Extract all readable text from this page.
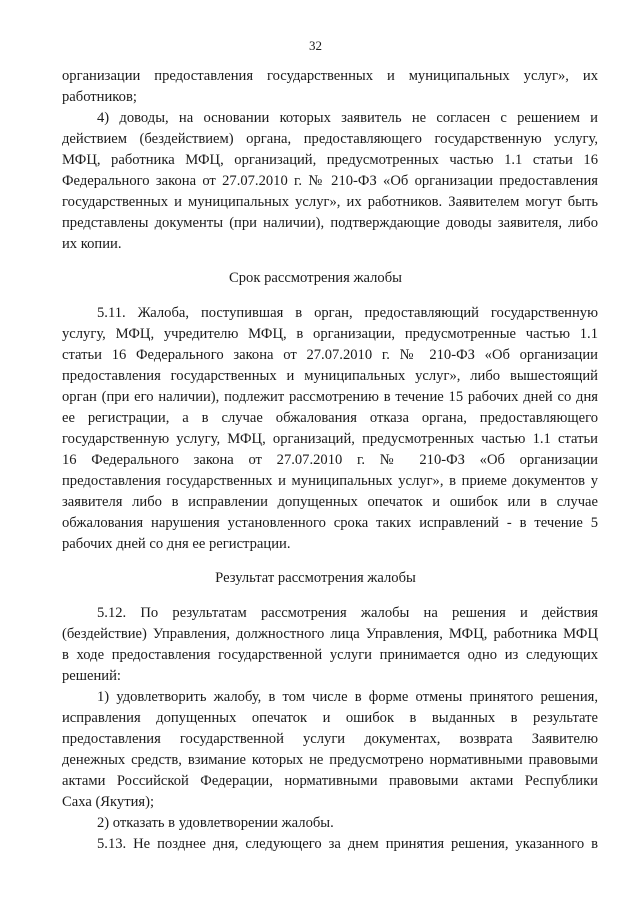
32
организации предоставления государственных и муниципальных услуг», их
работников;
4) доводы, на основании которых заявитель не согласен с решением и
действием (бездействием) органа, предоставляющего государственную услугу,
МФЦ, работника МФЦ, организаций, предусмотренных частью 1.1 статьи 16
Федерального закона от 27.07.2010 г. № 210-ФЗ «Об организации предоставления
государственных и муниципальных услуг», их работников. Заявителем могут быть
представлены документы (при наличии), подтверждающие доводы заявителя, либо
их копии.
Срок рассмотрения жалобы
5.11. Жалоба, поступившая в орган, предоставляющий государственную
услугу, МФЦ, учредителю МФЦ, в организации, предусмотренные частью 1.1
статьи 16 Федерального закона от 27.07.2010 г. № 210-ФЗ «Об организации
предоставления государственных и муниципальных услуг», либо вышестоящий
орган (при его наличии), подлежит рассмотрению в течение 15 рабочих дней со дня
ее регистрации, а в случае обжалования отказа органа, предоставляющего
государственную услугу, МФЦ, организаций, предусмотренных частью 1.1 статьи
16 Федерального закона от 27.07.2010 г. № 210-ФЗ «Об организации
предоставления государственных и муниципальных услуг», в приеме документов у
заявителя либо в исправлении допущенных опечаток и ошибок или в случае
обжалования нарушения установленного срока таких исправлений - в течение 5
рабочих дней со дня ее регистрации.
Результат рассмотрения жалобы
5.12. По результатам рассмотрения жалобы на решения и действия
(бездействие) Управления, должностного лица Управления, МФЦ, работника МФЦ
в ходе предоставления государственной услуги принимается одно из следующих
решений:
1) удовлетворить жалобу, в том числе в форме отмены принятого решения,
исправления допущенных опечаток и ошибок в выданных в результате
предоставления государственной услуги документах, возврата Заявителю
денежных средств, взимание которых не предусмотрено нормативными правовыми
актами Российской Федерации, нормативными правовыми актами Республики
Саха (Якутия);
2) отказать в удовлетворении жалобы.
5.13. Не позднее дня, следующего за днем принятия решения, указанного в
